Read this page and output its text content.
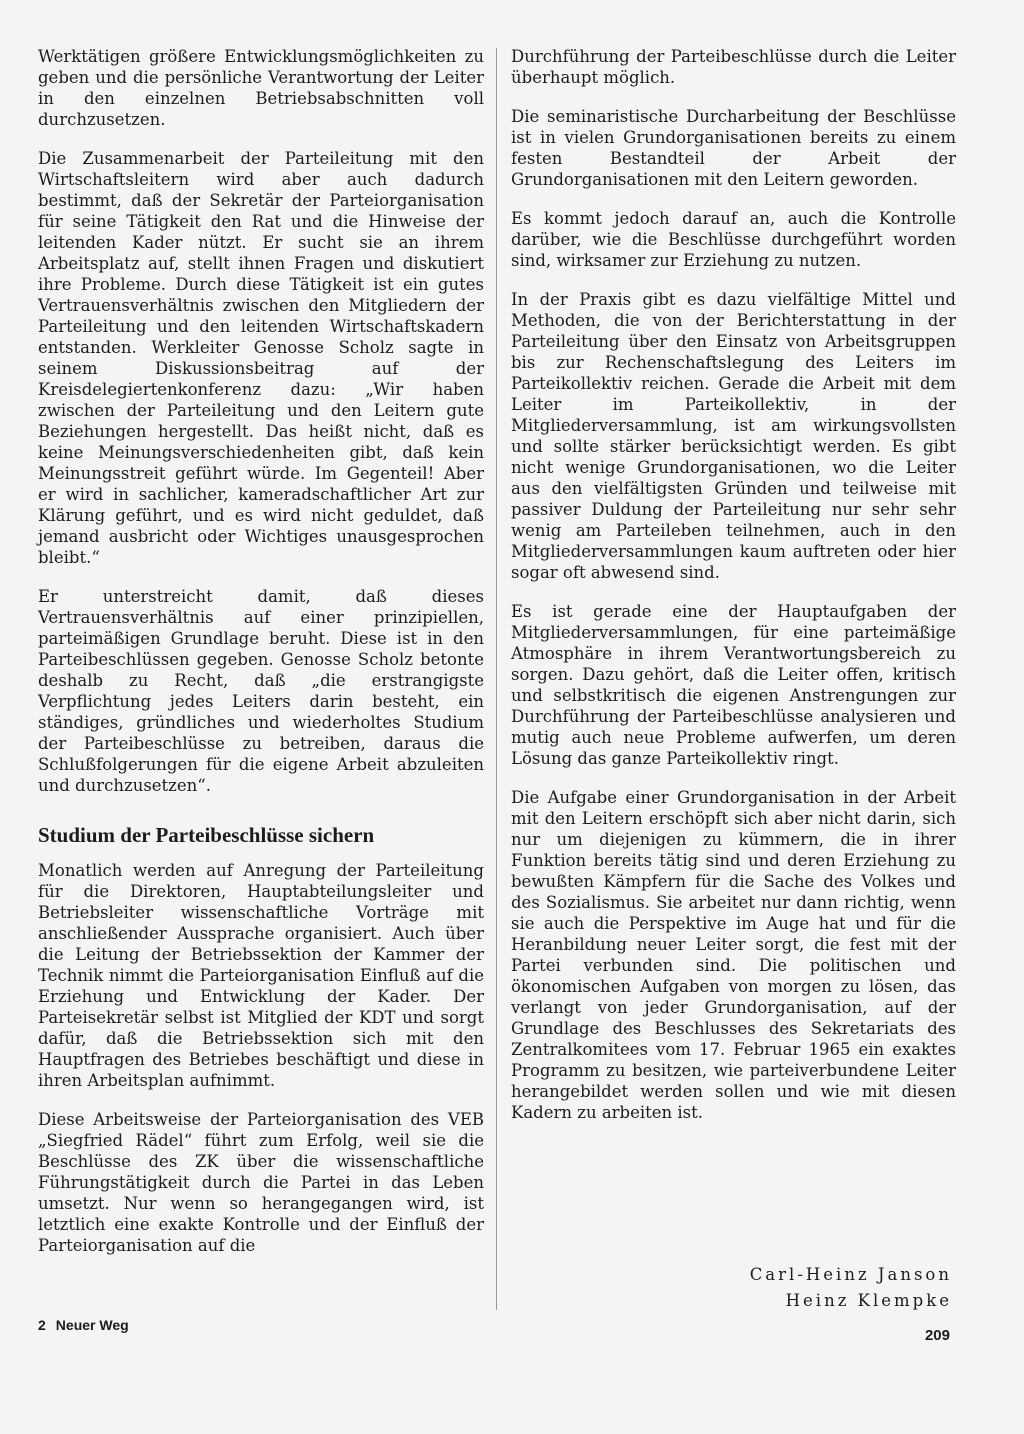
Werktätigen größere Entwicklungsmöglichkeiten zu geben und die persönliche Verantwortung der Leiter in den einzelnen Betriebsabschnitten voll durchzusetzen.

Die Zusammenarbeit der Parteileitung mit den Wirtschaftsleitern wird aber auch dadurch bestimmt, daß der Sekretär der Parteiorganisation für seine Tätigkeit den Rat und die Hinweise der leitenden Kader nützt. Er sucht sie an ihrem Arbeitsplatz auf, stellt ihnen Fragen und diskutiert ihre Probleme. Durch diese Tätigkeit ist ein gutes Vertrauensverhältnis zwischen den Mitgliedern der Parteileitung und den leitenden Wirtschaftskadern entstanden. Werkleiter Genosse Scholz sagte in seinem Diskussionsbeitrag auf der Kreisdelegiertenkonferenz dazu: „Wir haben zwischen der Parteileitung und den Leitern gute Beziehungen hergestellt. Das heißt nicht, daß es keine Meinungsverschiedenheiten gibt, daß kein Meinungsstreit geführt würde. Im Gegenteil! Aber er wird in sachlicher, kameradschaftlicher Art zur Klärung geführt, und es wird nicht geduldet, daß jemand ausbricht oder Wichtiges unausgesprochen bleibt.“

Er unterstreicht damit, daß dieses Vertrauensverhältnis auf einer prinzipiellen, parteimäßigen Grundlage beruht. Diese ist in den Parteibeschlüssen gegeben. Genosse Scholz betonte deshalb zu Recht, daß „die erstrangigste Verpflichtung jedes Leiters darin besteht, ein ständiges, gründliches und wiederholtes Studium der Parteibeschlüsse zu betreiben, daraus die Schlußfolgerungen für die eigene Arbeit abzuleiten und durchzusetzen“.

Studium der Parteibeschlüsse sichern

Monatlich werden auf Anregung der Parteileitung für die Direktoren, Hauptabteilungsleiter und Betriebsleiter wissenschaftliche Vorträge mit anschließender Aussprache organisiert. Auch über die Leitung der Betriebssektion der Kammer der Technik nimmt die Parteiorganisation Einfluß auf die Erziehung und Entwicklung der Kader. Der Parteisekretär selbst ist Mitglied der KDT und sorgt dafür, daß die Betriebssektion sich mit den Hauptfragen des Betriebes beschäftigt und diese in ihren Arbeitsplan aufnimmt.

Diese Arbeitsweise der Parteiorganisation des VEB „Siegfried Rädel“ führt zum Erfolg, weil sie die Beschlüsse des ZK über die wissenschaftliche Führungstätigkeit durch die Partei in das Leben umsetzt. Nur wenn so herangegangen wird, ist letztlich eine exakte Kontrolle und der Einfluß der Parteiorganisation auf die

Durchführung der Parteibeschlüsse durch die Leiter überhaupt möglich.

Die seminaristische Durcharbeitung der Beschlüsse ist in vielen Grundorganisationen bereits zu einem festen Bestandteil der Arbeit der Grundorganisationen mit den Leitern geworden.

Es kommt jedoch darauf an, auch die Kontrolle darüber, wie die Beschlüsse durchgeführt worden sind, wirksamer zur Erziehung zu nutzen.

In der Praxis gibt es dazu vielfältige Mittel und Methoden, die von der Berichterstattung in der Parteileitung über den Einsatz von Arbeitsgruppen bis zur Rechenschaftslegung des Leiters im Parteikollektiv reichen. Gerade die Arbeit mit dem Leiter im Parteikollektiv, in der Mitgliederversammlung, ist am wirkungsvollsten und sollte stärker berücksichtigt werden. Es gibt nicht wenige Grundorganisationen, wo die Leiter aus den vielfältigsten Gründen und teilweise mit passiver Duldung der Parteileitung nur sehr sehr wenig am Parteileben teilnehmen, auch in den Mitgliederversammlungen kaum auftreten oder hier sogar oft abwesend sind.

Es ist gerade eine der Hauptaufgaben der Mitgliederversammlungen, für eine parteimäßige Atmosphäre in ihrem Verantwortungsbereich zu sorgen. Dazu gehört, daß die Leiter offen, kritisch und selbstkritisch die eigenen Anstrengungen zur Durchführung der Parteibeschlüsse analysieren und mutig auch neue Probleme aufwerfen, um deren Lösung das ganze Parteikollektiv ringt.

Die Aufgabe einer Grundorganisation in der Arbeit mit den Leitern erschöpft sich aber nicht darin, sich nur um diejenigen zu kümmern, die in ihrer Funktion bereits tätig sind und deren Erziehung zu bewußten Kämpfern für die Sache des Volkes und des Sozialismus. Sie arbeitet nur dann richtig, wenn sie auch die Perspektive im Auge hat und für die Heranbildung neuer Leiter sorgt, die fest mit der Partei verbunden sind. Die politischen und ökonomischen Aufgaben von morgen zu lösen, das verlangt von jeder Grundorganisation, auf der Grundlage des Beschlusses des Sekretariats des Zentralkomitees vom 17. Februar 1965 ein exaktes Programm zu besitzen, wie parteiverbundene Leiter herangebildet werden sollen und wie mit diesen Kadern zu arbeiten ist.

Carl-Heinz Janson
Heinz Klempke
2 Neuer Weg
209
